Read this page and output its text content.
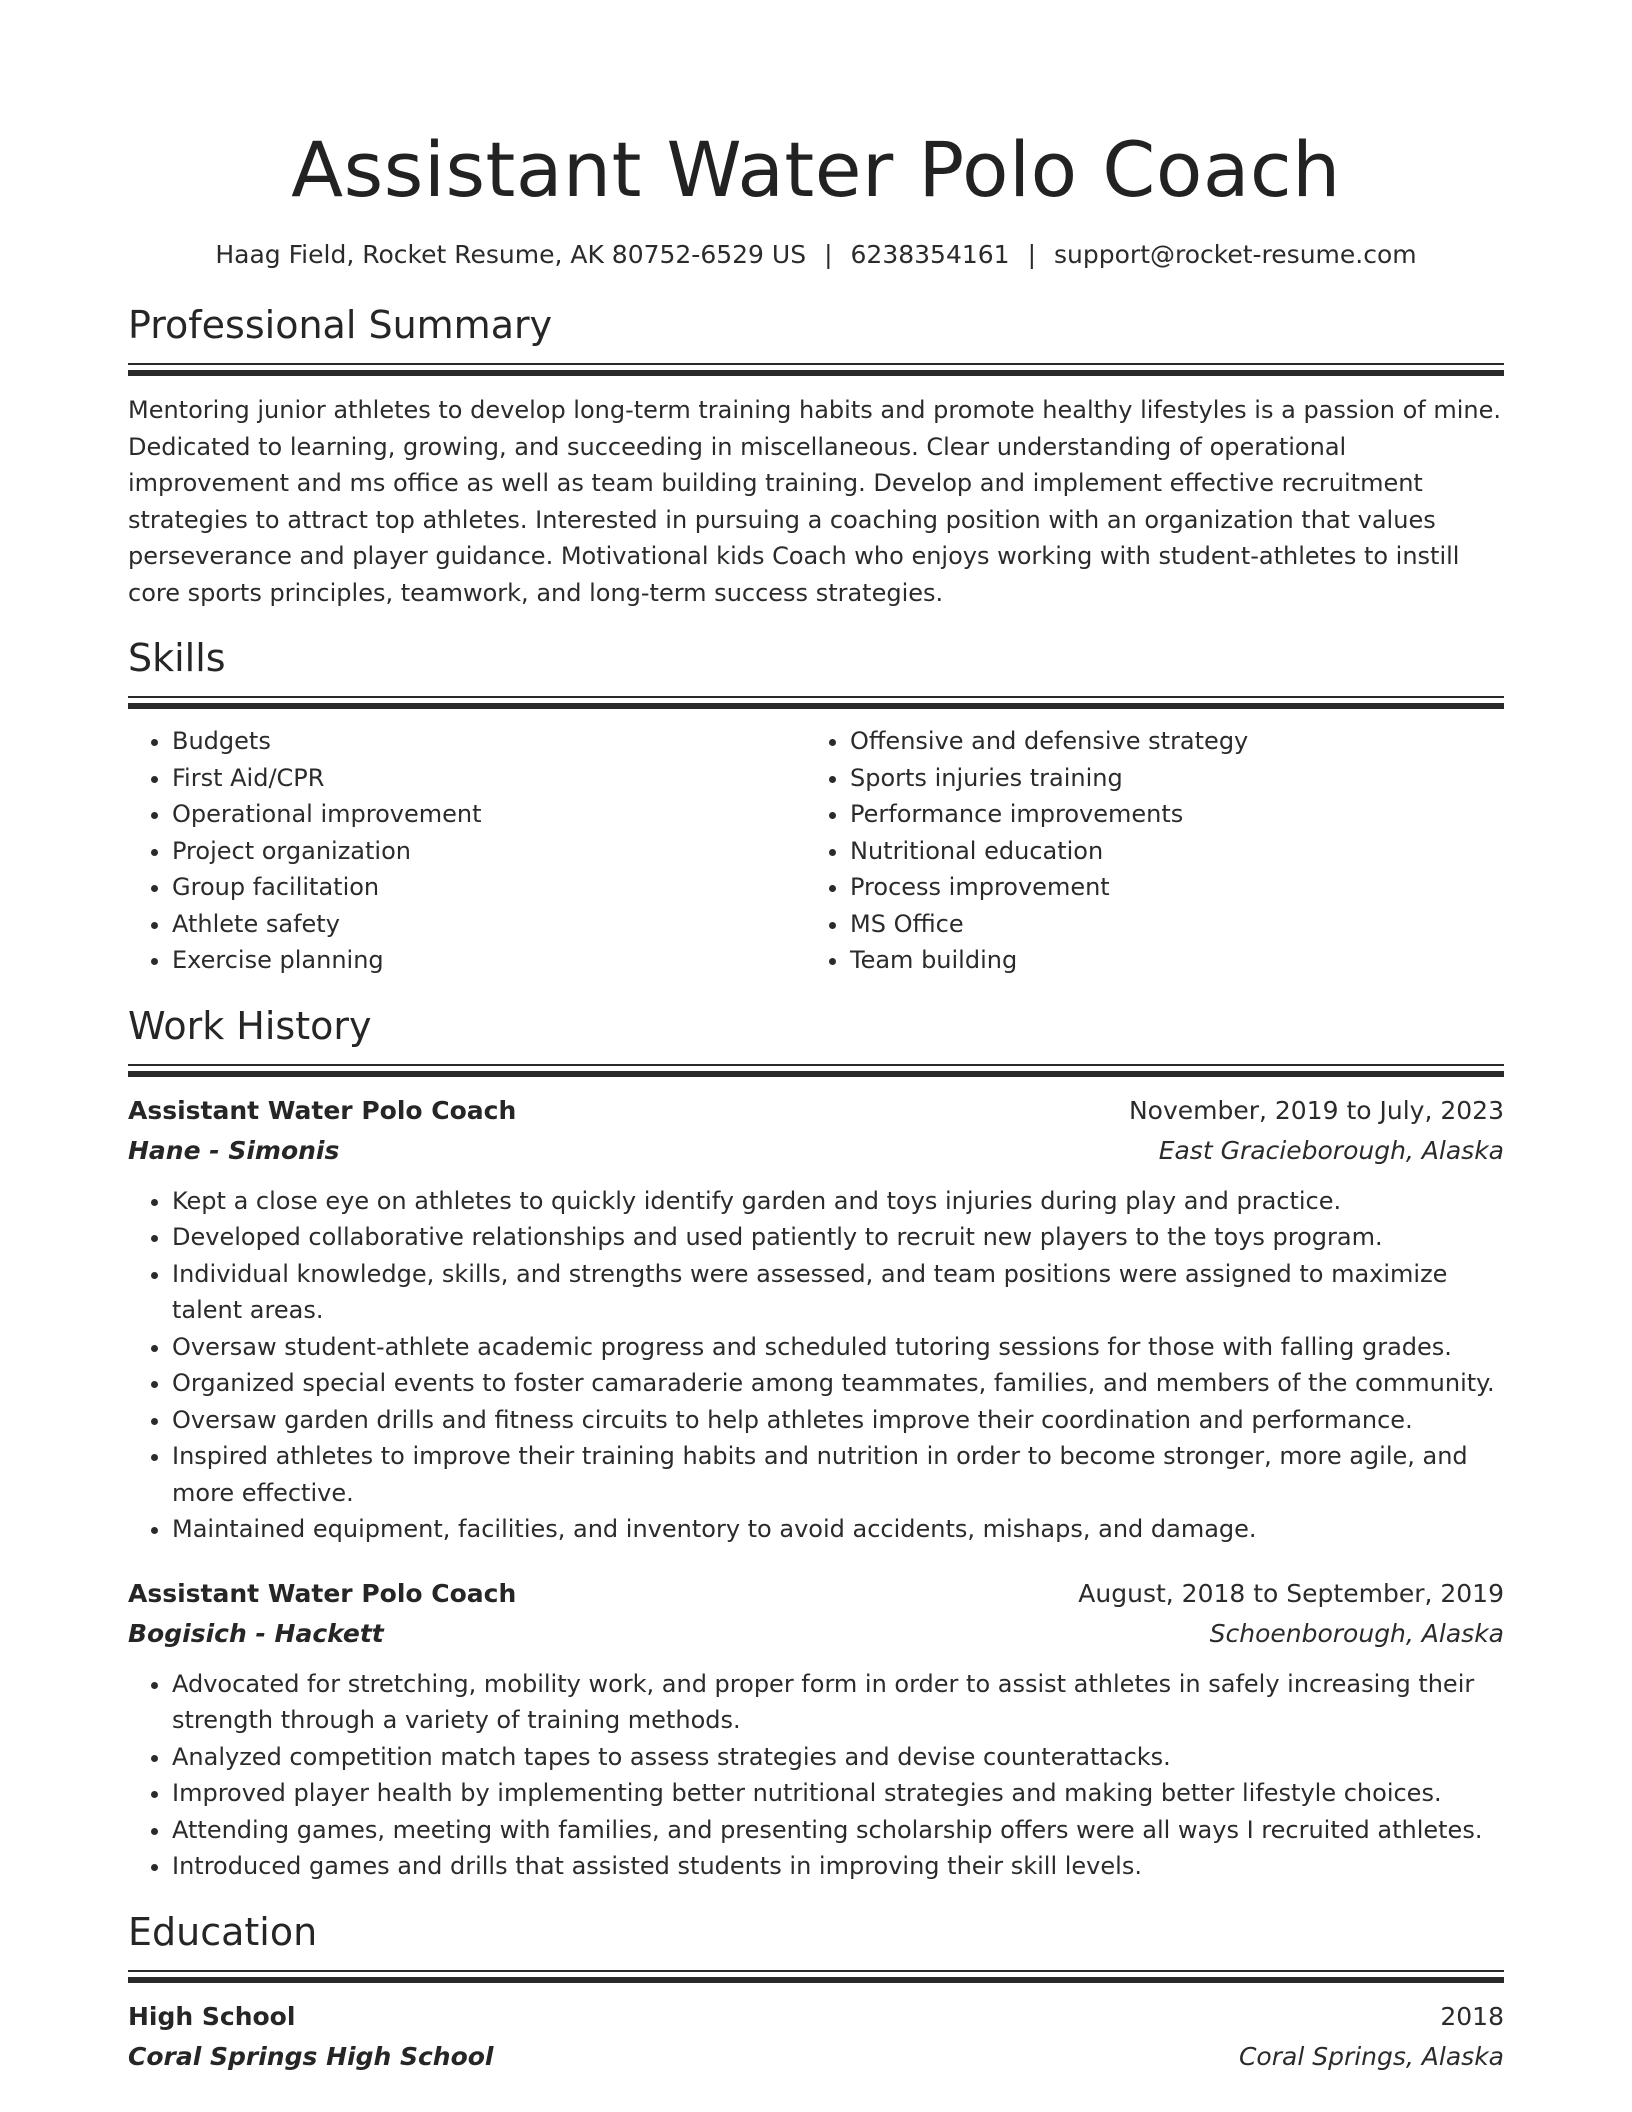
Assistant Water Polo Coach
Haag Field, Rocket Resume, AK 80752-6529 US | 6238354161 | support@rocket-resume.com
Professional Summary
Mentoring junior athletes to develop long-term training habits and promote healthy lifestyles is a passion of mine. Dedicated to learning, growing, and succeeding in miscellaneous. Clear understanding of operational improvement and ms office as well as team building training. Develop and implement effective recruitment strategies to attract top athletes. Interested in pursuing a coaching position with an organization that values perseverance and player guidance. Motivational kids Coach who enjoys working with student-athletes to instill core sports principles, teamwork, and long-term success strategies.
Skills
• Budgets
• First Aid/CPR
• Operational improvement
• Project organization
• Group facilitation
• Athlete safety
• Exercise planning
• Offensive and defensive strategy
• Sports injuries training
• Performance improvements
• Nutritional education
• Process improvement
• MS Office
• Team building
Work History
Assistant Water Polo Coach	November, 2019 to July, 2023
Hane - Simonis	East Gracieborough, Alaska
• Kept a close eye on athletes to quickly identify garden and toys injuries during play and practice.
• Developed collaborative relationships and used patiently to recruit new players to the toys program.
• Individual knowledge, skills, and strengths were assessed, and team positions were assigned to maximize talent areas.
• Oversaw student-athlete academic progress and scheduled tutoring sessions for those with falling grades.
• Organized special events to foster camaraderie among teammates, families, and members of the community.
• Oversaw garden drills and fitness circuits to help athletes improve their coordination and performance.
• Inspired athletes to improve their training habits and nutrition in order to become stronger, more agile, and more effective.
• Maintained equipment, facilities, and inventory to avoid accidents, mishaps, and damage.
Assistant Water Polo Coach	August, 2018 to September, 2019
Bogisich - Hackett	Schoenborough, Alaska
• Advocated for stretching, mobility work, and proper form in order to assist athletes in safely increasing their strength through a variety of training methods.
• Analyzed competition match tapes to assess strategies and devise counterattacks.
• Improved player health by implementing better nutritional strategies and making better lifestyle choices.
• Attending games, meeting with families, and presenting scholarship offers were all ways I recruited athletes.
• Introduced games and drills that assisted students in improving their skill levels.
Education
High School	2018
Coral Springs High School	Coral Springs, Alaska
